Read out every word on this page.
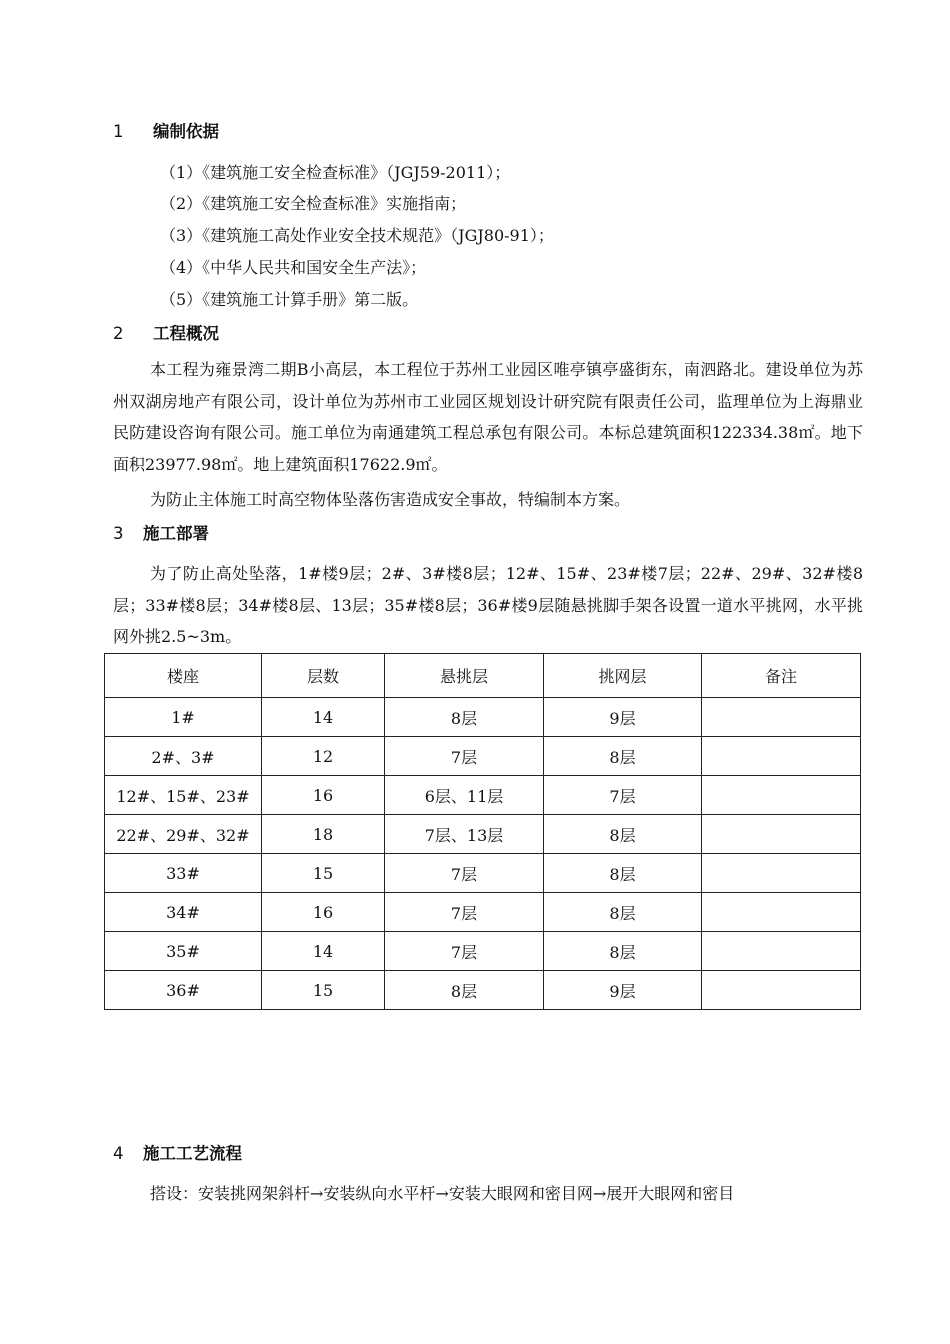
1 编制依据
（1）《建筑施工安全检查标准》（JGJ59-2011）；
（2）《建筑施工安全检查标准》实施指南；
（3）《建筑施工高处作业安全技术规范》（JGJ80-91）；
（4）《中华人民共和国安全生产法》；
（5）《建筑施工计算手册》第二版。
2 工程概况
本工程为雍景湾二期B小高层，本工程位于苏州工业园区唯亭镇亭盛街东，南泗路北。建设单位为苏州双湖房地产有限公司，设计单位为苏州市工业园区规划设计研究院有限责任公司，监理单位为上海鼎业民防建设咨询有限公司。施工单位为南通建筑工程总承包有限公司。本标总建筑面积122334.38㎡。地下面积23977.98㎡。地上建筑面积17622.9㎡。
为防止主体施工时高空物体坠落伤害造成安全事故，特编制本方案。
3 施工部署
为了防止高处坠落，1#楼9层；2#、3#楼8层；12#、15#、23#楼7层；22#、29#、32#楼8层；33#楼8层；34#楼8层、13层；35#楼8层；36#楼9层随悬挑脚手架各设置一道水平挑网，水平挑网外挑2.5~3m。
楼座	层数	悬挑层	挑网层	备注
1#	14	8层	9层	
2#、3#	12	7层	8层	
12#、15#、23#	16	6层、11层	7层	
22#、29#、32#	18	7层、13层	8层	
33#	15	7层	8层	
34#	16	7层	8层	
35#	14	7层	8层	
36#	15	8层	9层	
4 施工工艺流程
搭设：安装挑网架斜杆→安装纵向水平杆→安装大眼网和密目网→展开大眼网和密目
